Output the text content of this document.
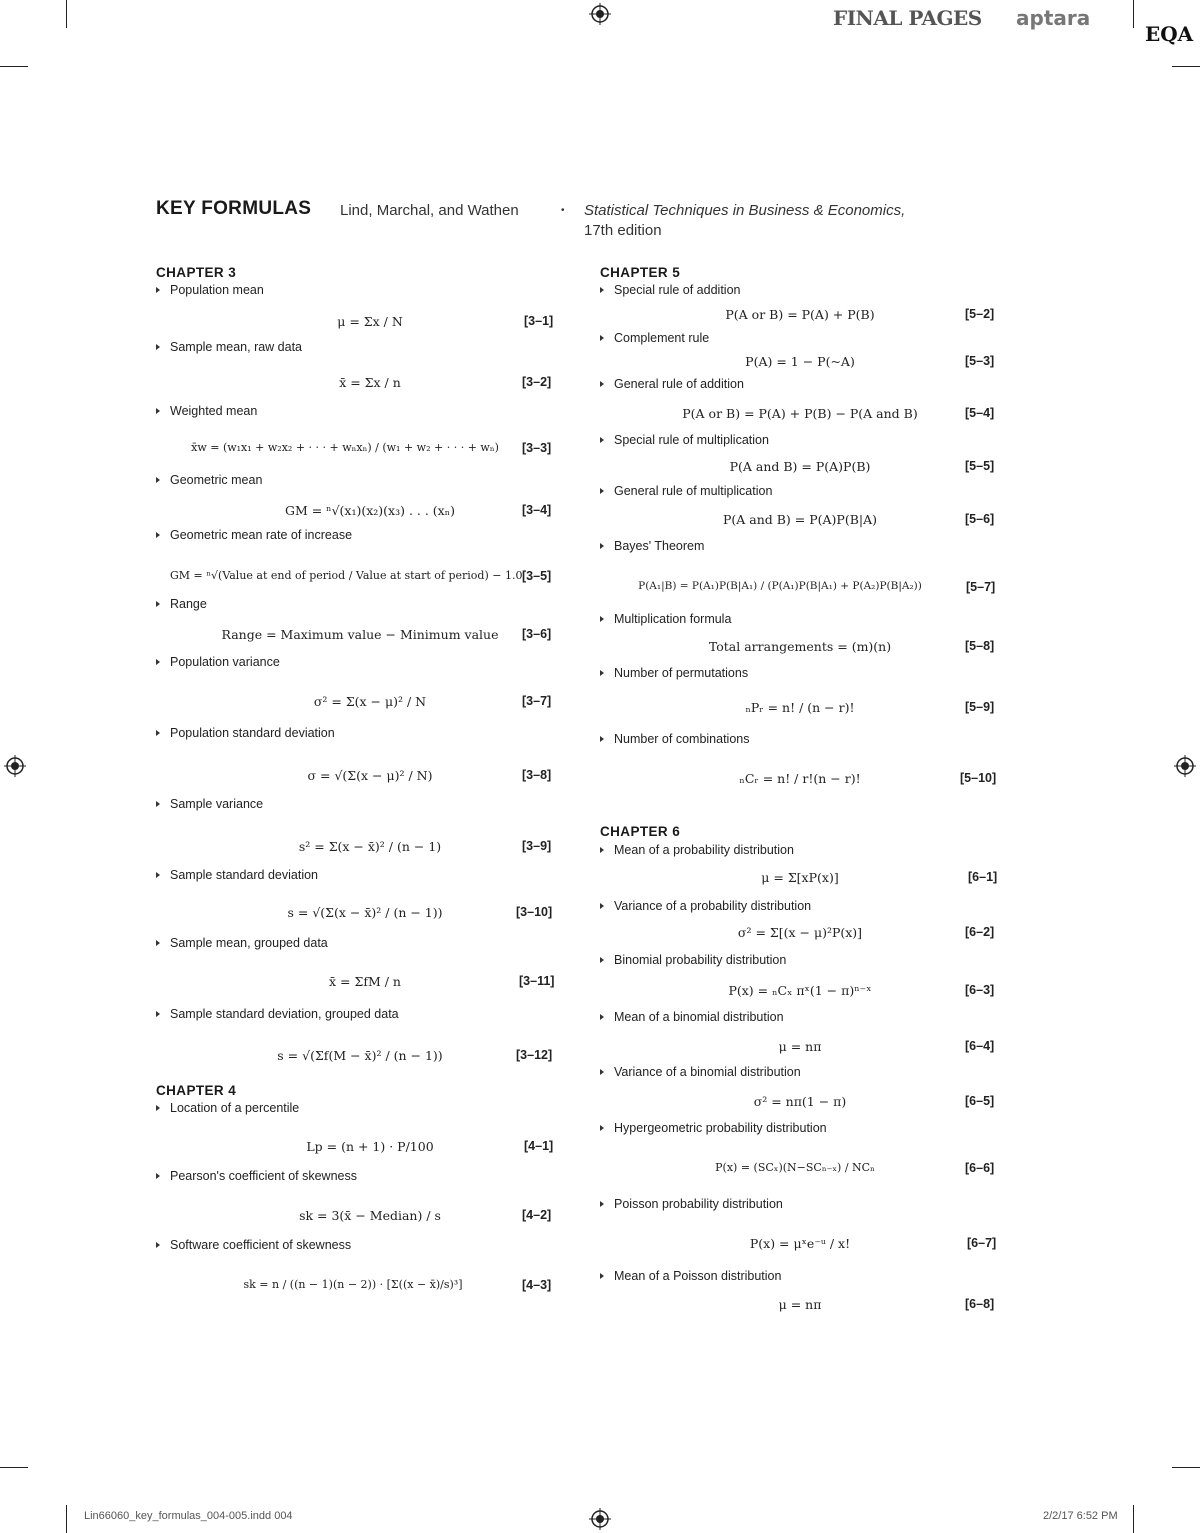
FINAL PAGES aptara
EQA
KEY FORMULAS Lind, Marchal, and Wathen	• Statistical Techniques in Business & Economics,
17th edition
CHAPTER 3
CHAPTER 4
CHAPTER 5
CHAPTER 6
Population mean
μ = Σx / N	[3–1]
Sample mean, raw data
x̄ = Σx / n	[3–2]
Weighted mean
x̄w = (w₁x₁ + w₂x₂ + · · · + wₙxₙ) / (w₁ + w₂ + · · · + wₙ)	[3–3]
Geometric mean
GM = ⁿ√(x₁)(x₂)(x₃) . . . (xₙ)	[3–4]
Geometric mean rate of increase
GM = ⁿ√(Value at end of period / Value at start of period) − 1.0 [3–5]
Range
Range = Maximum value − Minimum value	[3–6]
Population variance
σ² = Σ(x − μ)² / N	[3–7]
Population standard deviation
σ = √(Σ(x − μ)² / N)	[3–8]
Sample variance
s² = Σ(x − x̄)² / (n − 1)	[3–9]
Sample standard deviation
s = √(Σ(x − x̄)² / (n − 1))	[3–10]
Sample mean, grouped data
x̄ = ΣfM / n	[3–11]
Sample standard deviation, grouped data
s = √(Σf(M − x̄)² / (n − 1))	[3–12]
Location of a percentile
Lp = (n + 1) · P/100	[4–1]
Pearson's coefficient of skewness
sk = 3(x̄ − Median) / s	[4–2]
Software coefficient of skewness
sk = n / ((n − 1)(n − 2)) · [Σ((x − x̄)/s)³]	[4–3]
Special rule of addition
P(A or B) = P(A) + P(B)	[5–2]
Complement rule
P(A) = 1 − P(~A)	[5–3]
General rule of addition
P(A or B) = P(A) + P(B) − P(A and B)	[5–4]
Special rule of multiplication
P(A and B) = P(A)P(B)	[5–5]
General rule of multiplication
P(A and B) = P(A)P(B|A)	[5–6]
Bayes' Theorem
P(A₁|B) = P(A₁)P(B|A₁) / (P(A₁)P(B|A₁) + P(A₂)P(B|A₂))	[5–7]
Multiplication formula
Total arrangements = (m)(n)	[5–8]
Number of permutations
ₙPᵣ = n! / (n − r)!	[5–9]
Number of combinations
ₙCᵣ = n! / r!(n − r)!	[5–10]
Mean of a probability distribution
μ = Σ[xP(x)]	[6–1]
Variance of a probability distribution
σ² = Σ[(x − μ)²P(x)]	[6–2]
Binomial probability distribution
P(x) = ₙCₓ πˣ(1 − π)ⁿ⁻ˣ	[6–3]
Mean of a binomial distribution
μ = nπ	[6–4]
Variance of a binomial distribution
σ² = nπ(1 − π)	[6–5]
Hypergeometric probability distribution
P(x) = (SCₓ)(N−SCₙ₋ₓ) / NCₙ	[6–6]
Poisson probability distribution
P(x) = μˣe⁻ᵘ / x!	[6–7]
Mean of a Poisson distribution
μ = nπ	[6–8]
Lin66060_key_formulas_004-005.indd 004	2/2/17 6:52 PM
